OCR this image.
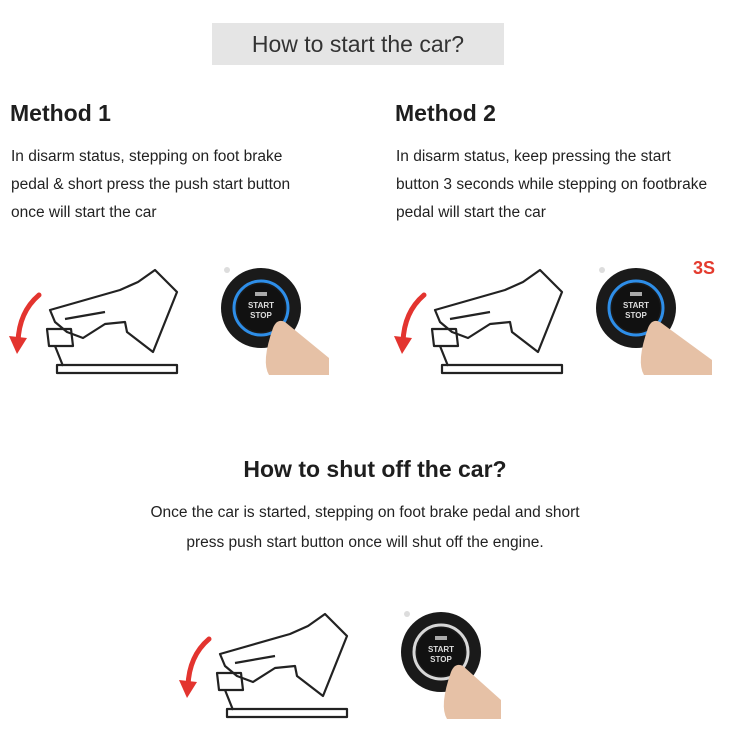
How to start the car?
Method 1
In disarm status, stepping on foot brake
pedal & short press the push start button
once will start the car
Method 2
In disarm status, keep pressing the start
button 3 seconds while stepping on footbrake
pedal will start the car
START
STOP
START
STOP
3S
How to shut off the car?
Once the car is started, stepping on foot brake pedal and short
press push start button once will shut off the engine.
START
STOP
